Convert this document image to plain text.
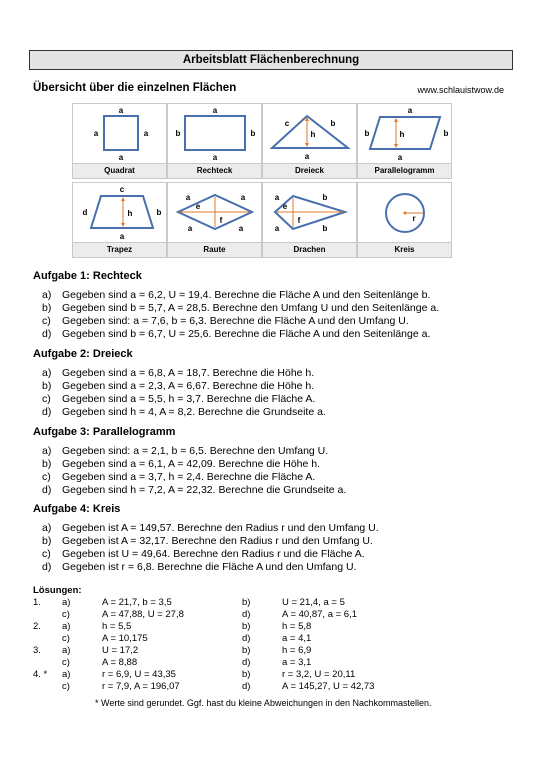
Arbeitsblatt Flächenberechnung
Übersicht über die einzelnen Flächen	www.schlauistwow.de
a
a	a
a
Quadrat
a
b	b
a
Rechteck
c	b
h
a
Dreieck
a
b	h	b
a
Parallelogramm
c
d	h	b
a
Trapez
a	a
e
f
a	a
Raute
a	b
e
f
a	b
Drachen
r
Kreis
Aufgabe 1: Rechteck
a) Gegeben sind a = 6,2, U = 19,4. Berechne die Fläche A und den Seitenlänge b.
b) Gegeben sind b = 5,7, A = 28,5. Berechne den Umfang U und den Seitenlänge a.
c) Gegeben sind: a = 7,6, b = 6,3. Berechne die Fläche A und den Umfang U.
d) Gegeben sind b = 6,7, U = 25,6. Berechne die Fläche A und den Seitenlänge a.
Aufgabe 2: Dreieck
a) Gegeben sind a = 6,8, A = 18,7. Berechne die Höhe h.
b) Gegeben sind a = 2,3, A = 6,67. Berechne die Höhe h.
c) Gegeben sind a = 5,5, h = 3,7. Berechne die Fläche A.
d) Gegeben sind h = 4, A = 8,2. Berechne die Grundseite a.
Aufgabe 3: Parallelogramm
a) Gegeben sind: a = 2,1, b = 6,5. Berechne den Umfang U.
b) Gegeben sind a = 6,1, A = 42,09. Berechne die Höhe h.
c) Gegeben sind a = 3,7, h = 2,4. Berechne die Fläche A.
d) Gegeben sind h = 7,2, A = 22,32. Berechne die Grundseite a.
Aufgabe 4: Kreis
a) Gegeben ist A = 149,57. Berechne den Radius r und den Umfang U.
b) Gegeben ist A = 32,17. Berechne den Radius r und den Umfang U.
c) Gegeben ist U = 49,64. Berechne den Radius r und die Fläche A.
d) Gegeben ist r = 6,8. Berechne die Fläche A und den Umfang U.
Lösungen:
1. a)	A = 21,7, b = 3,5	b)	U = 21,4, a = 5
c)	A = 47,88, U = 27,8	d)	A = 40,87, a = 6,1
2. a)	h = 5,5	b)	h = 5,8
c)	A = 10,175	d)	a = 4,1
3. a)	U = 17,2	b)	h = 6,9
c)	A = 8,88	d)	a = 3,1
4. * a)	r = 6,9, U = 43,35	b)	r = 3,2, U = 20,11
c)	r = 7,9, A = 196,07	d)	A = 145,27, U = 42,73
* Werte sind gerundet. Ggf. hast du kleine Abweichungen in den Nachkommastellen.
